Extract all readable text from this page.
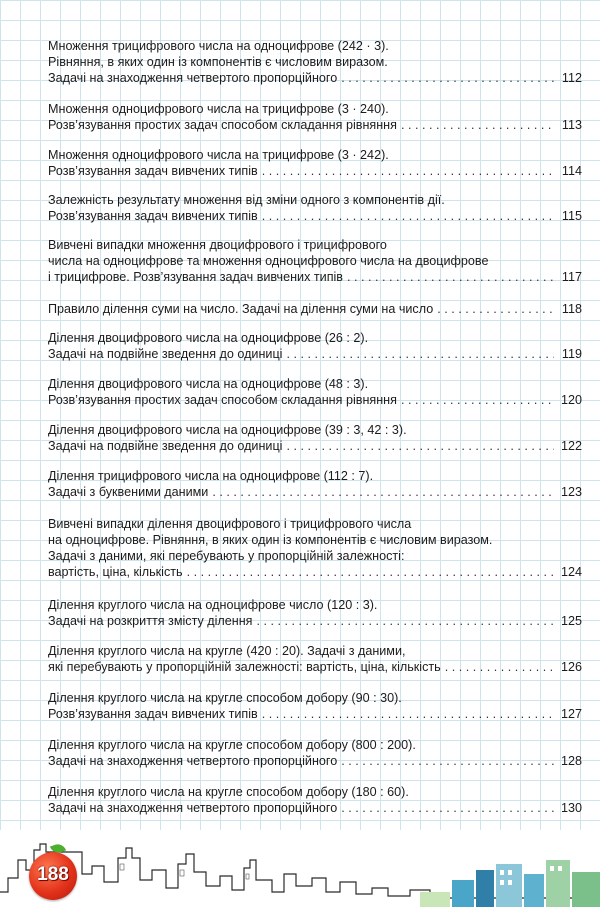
Множення трицифрового числа на одноцифрове (242 · 3).
Рівняння, в яких один із компонентів є числовим виразом.
Задачі на знаходження четвертого пропорційного . . .	112
Множення одноцифрового числа на трицифрове (3 · 240).
Розв’язування простих задач способом складання рівняння . . .	113
Множення одноцифрового числа на трицифрове (3 · 242).
Розв’язування задач вивчених типів . . .	114
Залежність результату множення від зміни одного з компонентів дії.
Розв’язування задач вивчених типів . . .	115
Вивчені випадки множення двоцифрового і трицифрового
числа на одноцифрове та множення одноцифрового числа на двоцифрове
і трицифрове. Розв’язування задач вивчених типів . . .	117
Правило ділення суми на число. Задачі на ділення суми на число . . .	118
Ділення двоцифрового числа на одноцифрове (26 : 2).
Задачі на подвійне зведення до одиниці . . .	119
Ділення двоцифрового числа на одноцифрове (48 : 3).
Розв’язування простих задач способом складання рівняння . . .	120
Ділення двоцифрового числа на одноцифрове (39 : 3, 42 : 3).
Задачі на подвійне зведення до одиниці . . .	122
Ділення трицифрового числа на одноцифрове (112 : 7).
Задачі з буквеними даними . . .	123
Вивчені випадки ділення двоцифрового і трицифрового числа
на одноцифрове. Рівняння, в яких один із компонентів є числовим виразом.
Задачі з даними, які перебувають у пропорційній залежності:
вартість, ціна, кількість . . .	124
Ділення круглого числа на одноцифрове число (120 : 3).
Задачі на розкриття змісту ділення . . .	125
Ділення круглого числа на кругле (420 : 20). Задачі з даними,
які перебувають у пропорційній залежності: вартість, ціна, кількість . . .	126
Ділення круглого числа на кругле способом добору (90 : 30).
Розв’язування задач вивчених типів . . .	127
Ділення круглого числа на кругле способом добору (800 : 200).
Задачі на знаходження четвертого пропорційного . . .	128
Ділення круглого числа на кругле способом добору (180 : 60).
Задачі на знаходження четвертого пропорційного . . .	130
188
